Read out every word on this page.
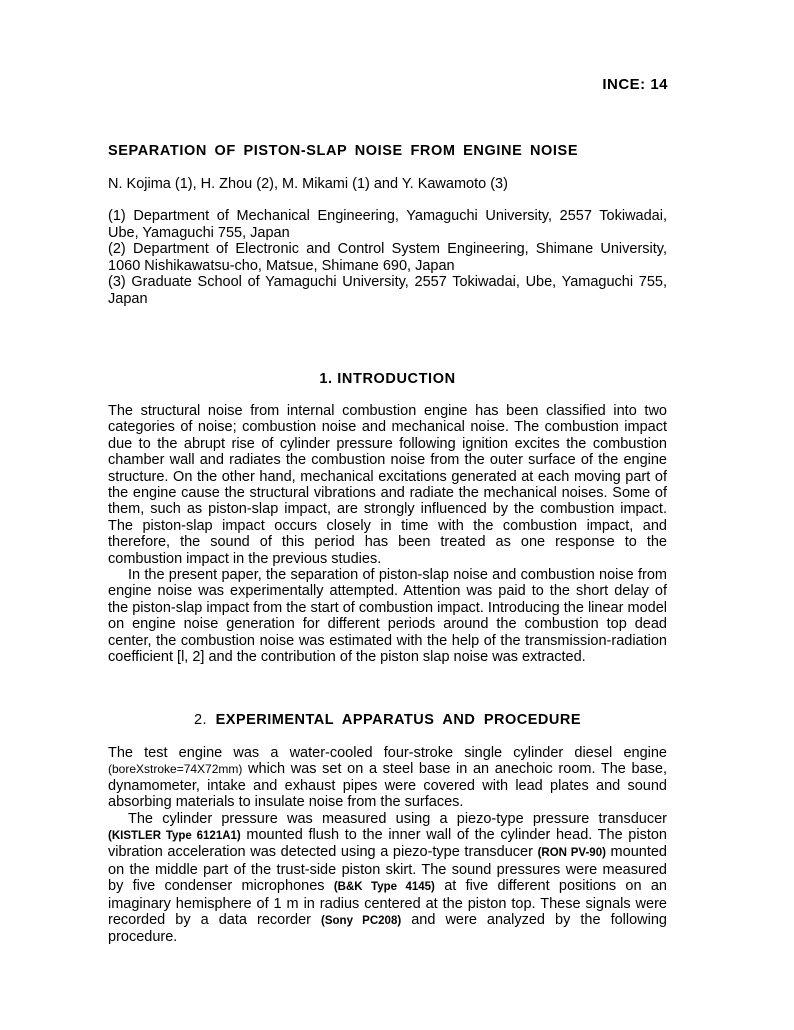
INCE: 14
SEPARATION OF PISTON-SLAP NOISE FROM ENGINE NOISE
N. Kojima (1), H. Zhou (2), M. Mikami (1) and Y. Kawamoto (3)

(1) Department of Mechanical Engineering, Yamaguchi University, 2557 Tokiwadai, Ube, Yamaguchi 755, Japan

(2) Department of Electronic and Control System Engineering, Shimane University, 1060 Nishikawatsu-cho, Matsue, Shimane 690, Japan

(3) Graduate School of Yamaguchi University, 2557 Tokiwadai, Ube, Yamaguchi 755, Japan

1. INTRODUCTION

The structural noise from internal combustion engine has been classified into two categories of noise; combustion noise and mechanical noise. The combustion impact due to the abrupt rise of cylinder pressure following ignition excites the combustion chamber wall and radiates the combustion noise from the outer surface of the engine structure. On the other hand, mechanical excitations generated at each moving part of the engine cause the structural vibrations and radiate the mechanical noises. Some of them, such as piston-slap impact, are strongly influenced by the combustion impact. The piston-slap impact occurs closely in time with the combustion impact, and therefore, the sound of this period has been treated as one response to the combustion impact in the previous studies.

In the present paper, the separation of piston-slap noise and combustion noise from engine noise was experimentally attempted. Attention was paid to the short delay of the piston-slap impact from the start of combustion impact. Introducing the linear model on engine noise generation for different periods around the combustion top dead center, the combustion noise was estimated with the help of the transmission-radiation coefficient [l, 2] and the contribution of the piston slap noise was extracted.

2. EXPERIMENTAL APPARATUS AND PROCEDURE

The test engine was a water-cooled four-stroke single cylinder diesel engine (boreXstroke=74X72mm) which was set on a steel base in an anechoic room. The base, dynamometer, intake and exhaust pipes were covered with lead plates and sound absorbing materials to insulate noise from the surfaces.

The cylinder pressure was measured using a piezo-type pressure transducer (KISTLER Type 6121A1) mounted flush to the inner wall of the cylinder head. The piston vibration acceleration was detected using a piezo-type transducer (RON PV-90) mounted on the middle part of the trust-side piston skirt. The sound pressures were measured by five condenser microphones (B&K Type 4145) at five different positions on an imaginary hemisphere of 1 m in radius centered at the piston top. These signals were recorded by a data recorder (Sony PC208) and were analyzed by the following procedure.
